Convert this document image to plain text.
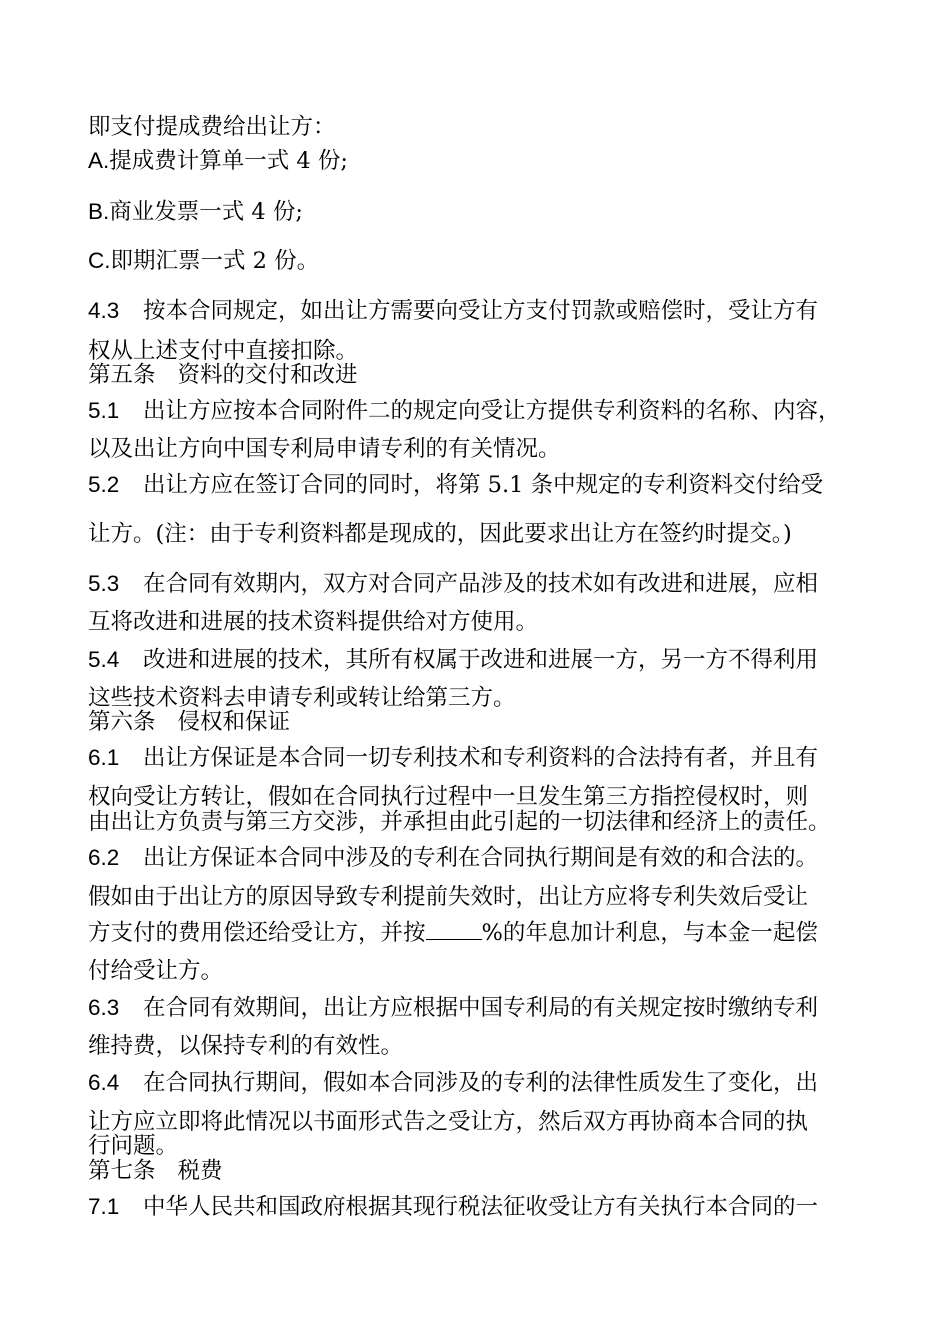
即支付提成费给出让方：
A.提成费计算单一式 4 份;
B.商业发票一式 4 份;
C.即期汇票一式 2 份。
4.3 按本合同规定，如出让方需要向受让方支付罚款或赔偿时，受让方有
权从上述支付中直接扣除。
第五条 资料的交付和改进
5.1 出让方应按本合同附件二的规定向受让方提供专利资料的名称、内容，
以及出让方向中国专利局申请专利的有关情况。
5.2 出让方应在签订合同的同时，将第 5.1 条中规定的专利资料交付给受
让方。(注：由于专利资料都是现成的，因此要求出让方在签约时提交。)
5.3 在合同有效期内，双方对合同产品涉及的技术如有改进和进展，应相
互将改进和进展的技术资料提供给对方使用。
5.4 改进和进展的技术，其所有权属于改进和进展一方，另一方不得利用
这些技术资料去申请专利或转让给第三方。
第六条 侵权和保证
6.1 出让方保证是本合同一切专利技术和专利资料的合法持有者，并且有
权向受让方转让，假如在合同执行过程中一旦发生第三方指控侵权时，则
由出让方负责与第三方交涉，并承担由此引起的一切法律和经济上的责任。
6.2 出让方保证本合同中涉及的专利在合同执行期间是有效的和合法的。
假如由于出让方的原因导致专利提前失效时，出让方应将专利失效后受让
方支付的费用偿还给受让方，并按 %的年息加计利息，与本金一起偿
付给受让方。
6.3 在合同有效期间，出让方应根据中国专利局的有关规定按时缴纳专利
维持费，以保持专利的有效性。
6.4 在合同执行期间，假如本合同涉及的专利的法律性质发生了变化，出
让方应立即将此情况以书面形式告之受让方，然后双方再协商本合同的执
行问题。
第七条 税费
7.1 中华人民共和国政府根据其现行税法征收受让方有关执行本合同的一
